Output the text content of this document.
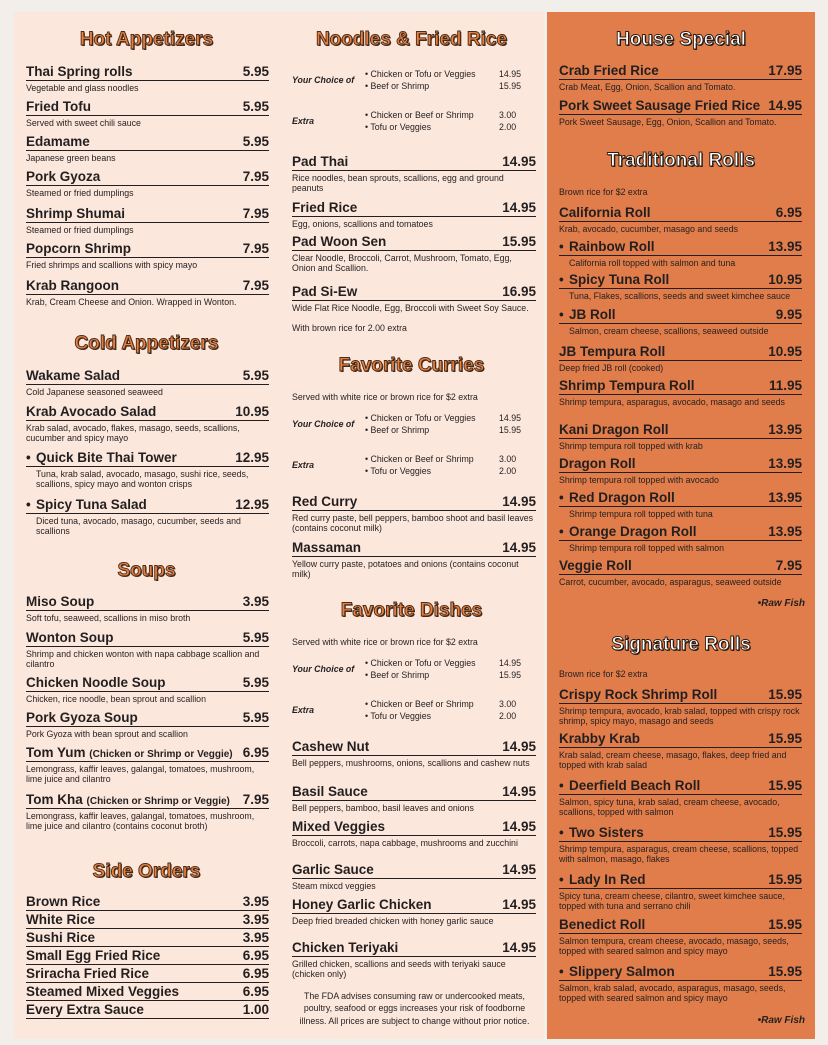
Hot Appetizers
Thai Spring rolls	5.95
Vegetable and glass noodles
Fried Tofu	5.95
Served with sweet chili sauce
Edamame	5.95
Japanese green beans
Pork Gyoza	7.95
Steamed or fried dumplings
Shrimp Shumai	7.95
Steamed or fried dumplings
Popcorn Shrimp	7.95
Fried shrimps and scallions with spicy mayo
Krab Rangoon	7.95
Krab, Cream Cheese and Onion. Wrapped in Wonton.
Cold Appetizers
Wakame Salad	5.95
Cold Japanese seasoned seaweed
Krab Avocado Salad	10.95
Krab salad, avocado, flakes, masago, seeds, scallions, cucumber and spicy mayo
• Quick Bite Thai Tower	12.95
Tuna, krab salad, avocado, masago, sushi rice, seeds, scallions, spicy mayo and wonton crisps
• Spicy Tuna Salad	12.95
Diced tuna, avocado, masago, cucumber, seeds and scallions
Soups
Miso Soup	3.95
Soft tofu, seaweed, scallions in miso broth
Wonton Soup	5.95
Shrimp and chicken wonton with napa cabbage scallion and cilantro
Chicken Noodle Soup	5.95
Chicken, rice noodle, bean sprout and scallion
Pork Gyoza Soup	5.95
Pork Gyoza with bean sprout and scallion
Tom Yum (Chicken or Shrimp or Veggie) 6.95
Lemongrass, kaffir leaves, galangal, tomatoes, mushroom, lime juice and cilantro
Tom Kha (Chicken or Shrimp or Veggie) 7.95
Lemongrass, kaffir leaves, galangal, tomatoes, mushroom, lime juice and cilantro (contains coconut broth)
Side Orders
Brown Rice	3.95
White Rice	3.95
Sushi Rice	3.95
Small Egg Fried Rice	6.95
Sriracha Fried Rice	6.95
Steamed Mixed Veggies	6.95
Every Extra Sauce	1.00
Noodles & Fried Rice
Your Choice of
• Chicken or Tofu or Veggies	14.95
• Beef or Shrimp	15.95
Extra
• Chicken or Beef or Shrimp	3.00
• Tofu or Veggies	2.00
Pad Thai	14.95
Rice noodles, bean sprouts, scallions, egg and ground peanuts
Fried Rice	14.95
Egg, onions, scallions and tomatoes
Pad Woon Sen	15.95
Clear Noodle, Broccoli, Carrot, Mushroom, Tomato, Egg, Onion and Scallion.
Pad Si-Ew	16.95
Wide Flat Rice Noodle, Egg, Broccoli with Sweet Soy Sauce.
With brown rice for 2.00 extra
Favorite Curries
Served with white rice or brown rice for $2 extra
Your Choice of
• Chicken or Tofu or Veggies	14.95
• Beef or Shrimp	15.95
Extra
• Chicken or Beef or Shrimp	3.00
• Tofu or Veggies	2.00
Red Curry	14.95
Red curry paste, bell peppers, bamboo shoot and basil leaves (contains coconut milk)
Massaman	14.95
Yellow curry paste, potatoes and onions (contains coconut milk)
Favorite Dishes
Served with white rice or brown rice for $2 extra
Your Choice of
• Chicken or Tofu or Veggies	14.95
• Beef or Shrimp	15.95
Extra
• Chicken or Beef or Shrimp	3.00
• Tofu or Veggies	2.00
Cashew Nut	14.95
Bell peppers, mushrooms, onions, scallions and cashew nuts
Basil Sauce	14.95
Bell peppers, bamboo, basil leaves and onions
Mixed Veggies	14.95
Broccoli, carrots, napa cabbage, mushrooms and zucchini
Garlic Sauce	14.95
Steam mixcd veggies
Honey Garlic Chicken	14.95
Deep fried breaded chicken with honey garlic sauce
Chicken Teriyaki	14.95
Grilled chicken, scallions and seeds with teriyaki sauce (chicken only)
The FDA advises consuming raw or undercooked meats, poultry, seafood or eggs increases your risk of foodborne illness. All prices are subject to change without prior notice.
House Special
Crab Fried Rice	17.95
Crab Meat, Egg, Onion, Scallion and Tomato.
Pork Sweet Sausage Fried Rice 14.95
Pork Sweet Sausage, Egg, Onion, Scallion and Tomato.
Traditional Rolls
Brown rice for $2 extra
California Roll	6.95
Krab, avocado, cucumber, masago and seeds
• Rainbow Roll	13.95
California roll topped with salmon and tuna
• Spicy Tuna Roll	10.95
Tuna, Flakes, scallions, seeds and sweet kimchee sauce
• JB Roll	9.95
Salmon, cream cheese, scallions, seaweed outside
JB Tempura Roll	10.95
Deep fried JB roll (cooked)
Shrimp Tempura Roll	11.95
Shrimp tempura, asparagus, avocado, masago and seeds
Kani Dragon Roll	13.95
Shrimp tempura roll topped with krab
Dragon Roll	13.95
Shrimp tempura roll topped with avocado
• Red Dragon Roll	13.95
Shrimp tempura roll topped with tuna
• Orange Dragon Roll	13.95
Shrimp tempura roll topped with salmon
Veggie Roll	7.95
Carrot, cucumber, avocado, asparagus, seaweed outside
•Raw Fish
Signature Rolls
Brown rice for $2 extra
Crispy Rock Shrimp Roll	15.95
Shrimp tempura, avocado, krab salad, topped with crispy rock shrimp, spicy mayo, masago and seeds
Krabby Krab	15.95
Krab salad, cream cheese, masago, flakes, deep fried and topped with krab salad
• Deerfield Beach Roll	15.95
Salmon, spicy tuna, krab salad, cream cheese, avocado, scallions, topped with salmon
• Two Sisters	15.95
Shrimp tempura, asparagus, cream cheese, scallions, topped with salmon, masago, flakes
• Lady In Red	15.95
Spicy tuna, cream cheese, cilantro, sweet kimchee sauce, topped with tuna and serrano chili
Benedict Roll	15.95
Salmon tempura, cream cheese, avocado, masago, seeds, topped with seared salmon and spicy mayo
• Slippery Salmon	15.95
Salmon, krab salad, avocado, asparagus, masago, seeds, topped with seared salmon and spicy mayo
•Raw Fish
